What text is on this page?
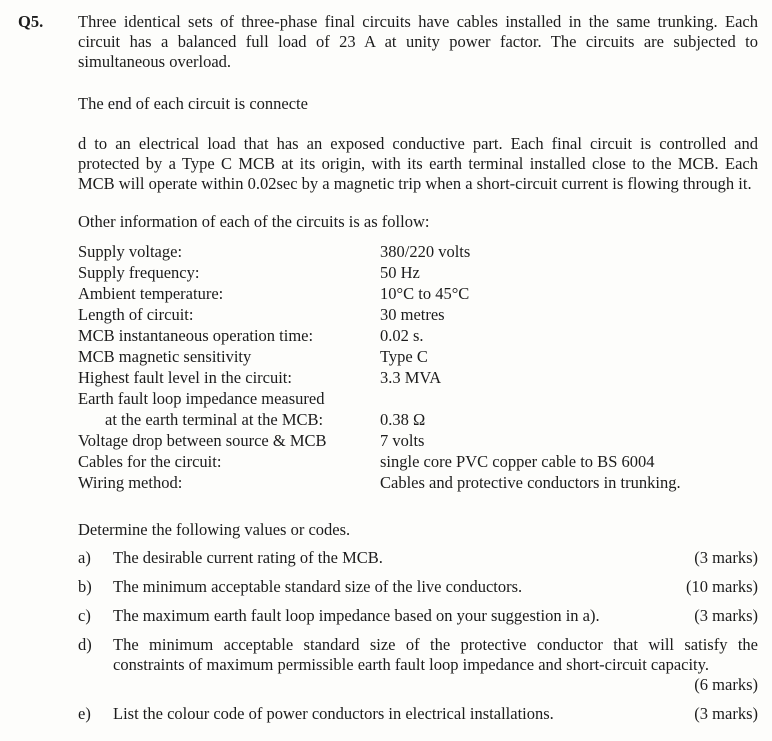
Q5. Three identical sets of three-phase final circuits have cables installed in the same trunking. Each circuit has a balanced full load of 23 A at unity power factor. The circuits are subjected to simultaneous overload.

The end of each circuit is connecte

d to an electrical load that has an exposed conductive part. Each final circuit is controlled and protected by a Type C MCB at its origin, with its earth terminal installed close to the MCB. Each MCB will operate within 0.02sec by a magnetic trip when a short-circuit current is flowing through it.

Other information of each of the circuits is as follow:

Supply voltage:	380/220 volts
Supply frequency:	50 Hz
Ambient temperature:	10°C to 45°C
Length of circuit:	30 metres
MCB instantaneous operation time:	0.02 s.
MCB magnetic sensitivity	Type C
Highest fault level in the circuit:	3.3 MVA
Earth fault loop impedance measured
at the earth terminal at the MCB:	0.38 Ω
Voltage drop between source & MCB	7 volts
Cables for the circuit:	single core PVC copper cable to BS 6004
Wiring method:	Cables and protective conductors in trunking.

Determine the following values or codes.

a)	The desirable current rating of the MCB.	(3 marks)
b)	The minimum acceptable standard size of the live conductors.	(10 marks)
c)	The maximum earth fault loop impedance based on your suggestion in a).	(3 marks)
d)	The minimum acceptable standard size of the protective conductor that will satisfy the constraints of maximum permissible earth fault loop impedance and short-circuit capacity.

(6 marks)
e)	List the colour code of power conductors in electrical installations.	(3 marks)
